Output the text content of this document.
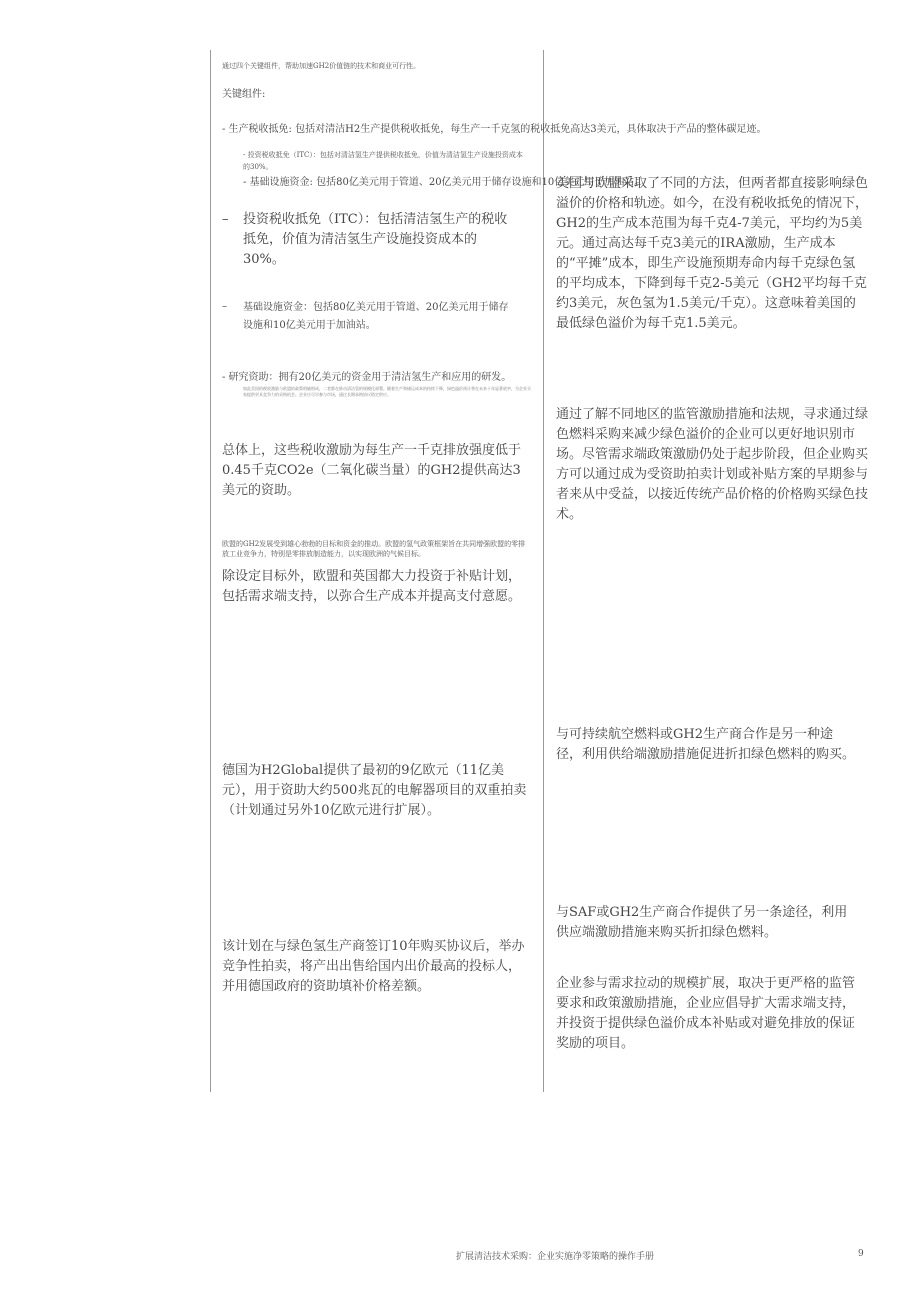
通过四个关键组件，帮助加速GH2价值链的技术和商业可行性。

关键组件:

- 生产税收抵免: 包括对清洁H2生产提供税收抵免，每生产一千克氢的税收抵免高达3美元，具体取决于产品的整体碳足迹。

- 投资税收抵免（ITC）：包括对清洁氢生产提供税收抵免，价值为清洁氢生产设施投资成本的30%。

- 基础设施资金: 包括80亿美元用于管道、20亿美元用于储存设施和10亿美元用于加油站。

– 投资税收抵免（ITC）：包括清洁氢生产的税收抵免，价值为清洁氢生产设施投资成本的30%。

– 基础设施资金：包括80亿美元用于管道、20亿美元用于储存设施和10亿美元用于加油站。

- 研究资助：拥有20亿美元的资金用于清洁氢生产和应用的研发。

如此美国的税收激励与欧盟的政策相辅相成，二者都在推动清洁氢的规模化部署。随着生产和储运成本的持续下降，绿色溢价预计将在未来十年显著收窄，为企业买家提供更具竞争力的采购机会。企业应尽早参与市场，通过长期承购协议锁定供应。

总体上，这些税收激励为每生产一千克排放强度低于0.45千克CO2e（二氧化碳当量）的GH2提供高达3美元的资助。

欧盟的GH2发展受到雄心勃勃的目标和资金的推动。欧盟的氢气政策框架旨在共同增强欧盟的零排放工业竞争力，特别是零排放制造能力，以实现欧洲的气候目标。

除设定目标外，欧盟和英国都大力投资于补贴计划，包括需求端支持，以弥合生产成本并提高支付意愿。

德国为H2Global提供了最初的9亿欧元（11亿美元），用于资助大约500兆瓦的电解器项目的双重拍卖（计划通过另外10亿欧元进行扩展）。

该计划在与绿色氢生产商签订10年购买协议后，举办竞争性拍卖，将产出出售给国内出价最高的投标人，并用德国政府的资助填补价格差额。

美国与欧盟采取了不同的方法，但两者都直接影响绿色溢价的价格和轨迹。如今，在没有税收抵免的情况下，GH2的生产成本范围为每千克4-7美元，平均约为5美元。通过高达每千克3美元的IRA激励，生产成本的“平摊”成本，即生产设施预期寿命内每千克绿色氢的平均成本，下降到每千克2-5美元（GH2平均每千克约3美元，灰色氢为1.5美元/千克）。这意味着美国的最低绿色溢价为每千克1.5美元。

通过了解不同地区的监管激励措施和法规，寻求通过绿色燃料采购来减少绿色溢价的企业可以更好地识别市场。尽管需求端政策激励仍处于起步阶段，但企业购买方可以通过成为受资助拍卖计划或补贴方案的早期参与者来从中受益，以接近传统产品价格的价格购买绿色技术。

与可持续航空燃料或GH2生产商合作是另一种途径，利用供给端激励措施促进折扣绿色燃料的购买。

与SAF或GH2生产商合作提供了另一条途径，利用供应端激励措施来购买折扣绿色燃料。

企业参与需求拉动的规模扩展，取决于更严格的监管要求和政策激励措施，企业应倡导扩大需求端支持，并投资于提供绿色溢价成本补贴或对避免排放的保证奖励的项目。

扩展清洁技术采购：企业实施净零策略的操作手册	9
